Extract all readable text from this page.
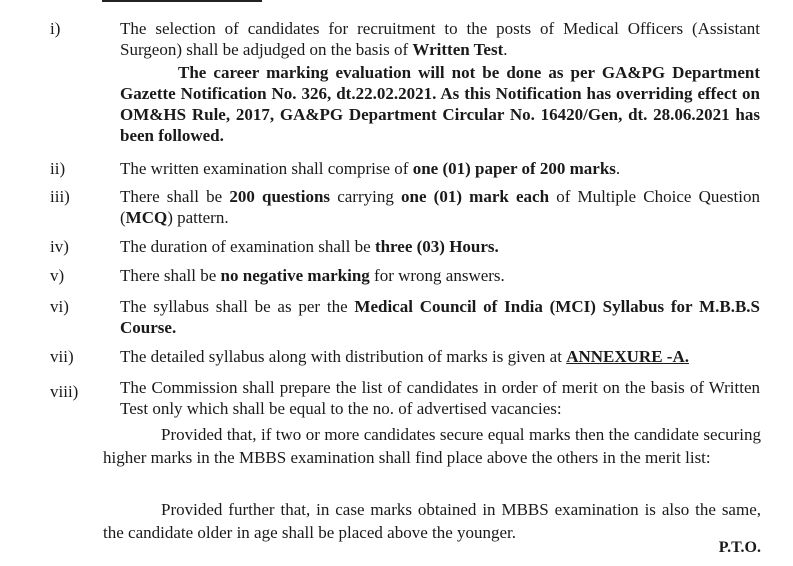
i)	The selection of candidates for recruitment to the posts of Medical Officers (Assistant Surgeon) shall be adjudged on the basis of Written Test.
The career marking evaluation will not be done as per GA&PG Department Gazette Notification No. 326, dt.22.02.2021. As this Notification has overriding effect on OM&HS Rule, 2017, GA&PG Department Circular No. 16420/Gen, dt. 28.06.2021 has been followed.
ii)	The written examination shall comprise of one (01) paper of 200 marks.
iii)	There shall be 200 questions carrying one (01) mark each of Multiple Choice Question (MCQ) pattern.
iv)	The duration of examination shall be three (03) Hours.
v)	There shall be no negative marking for wrong answers.
vi)	The syllabus shall be as per the Medical Council of India (MCI) Syllabus for M.B.B.S Course.
vii)	The detailed syllabus along with distribution of marks is given at ANNEXURE -A.
viii) The Commission shall prepare the list of candidates in order of merit on the basis of Written Test only which shall be equal to the no. of advertised vacancies:
Provided that, if two or more candidates secure equal marks then the candidate securing higher marks in the MBBS examination shall find place above the others in the merit list:
Provided further that, in case marks obtained in MBBS examination is also the same, the candidate older in age shall be placed above the younger.
P.T.O.
